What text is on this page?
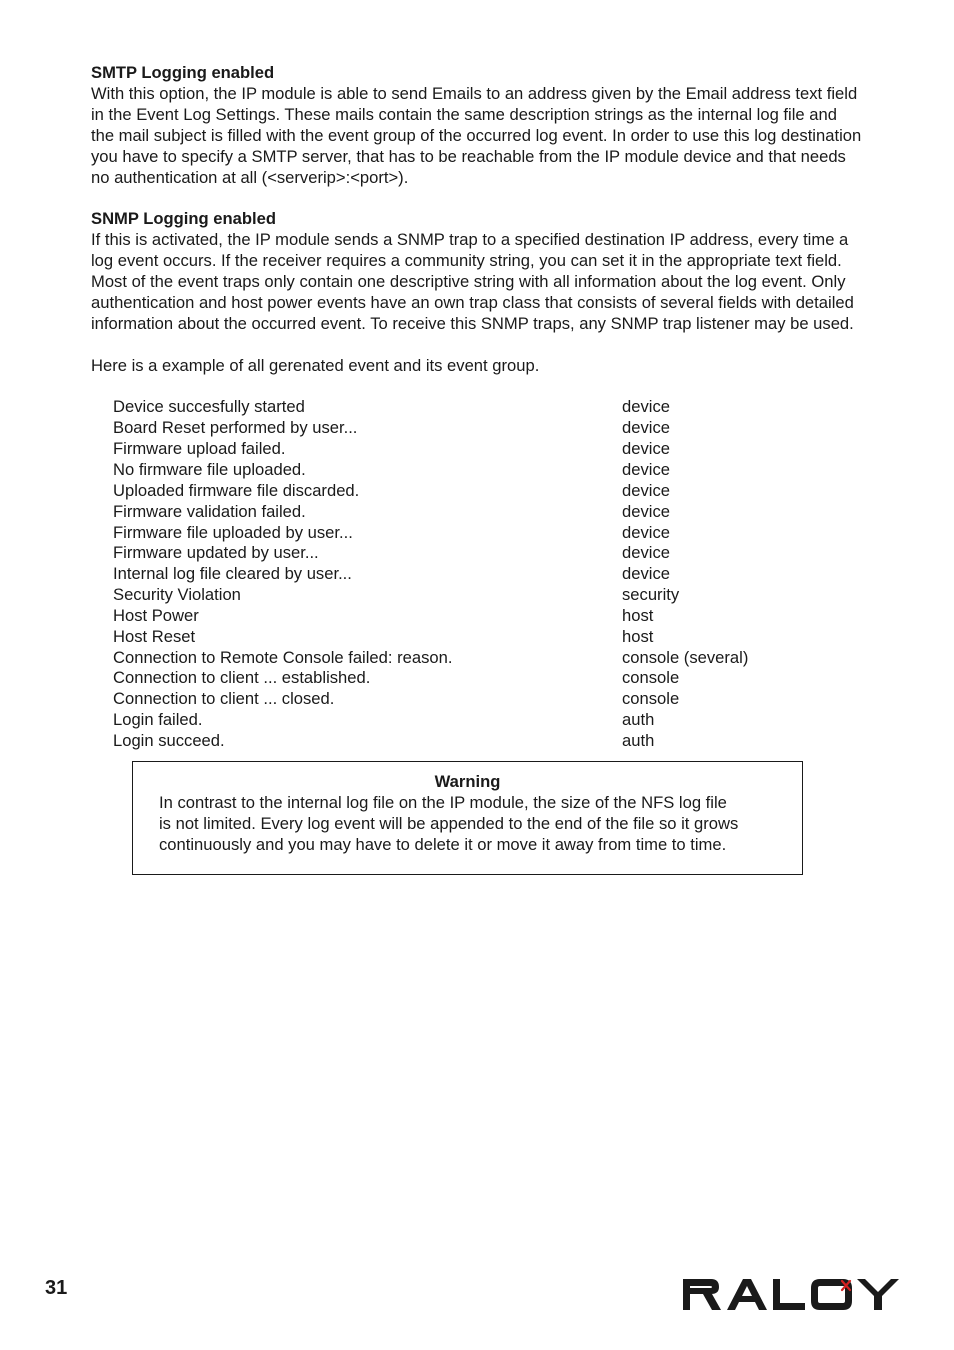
SMTP Logging enabled

With this option, the IP module is able to send Emails to an address given by the Email address text field

in the Event Log Settings. These mails contain the same description strings as the internal log file and

the mail subject is filled with the event group of the occurred log event. In order to use this log destination

you have to specify a SMTP server, that has to be reachable from the IP module device and that needs

no authentication at all (<serverip>:<port>).

SNMP Logging enabled

If this is activated, the IP module sends a SNMP trap to a specified destination IP address, every time a

log event occurs. If the receiver requires a community string, you can set it in the appropriate text field.

Most of the event traps only contain one descriptive string with all information about the log event. Only

authentication and host power events have an own trap class that consists of several fields with detailed

information about the occurred event. To receive this SNMP traps, any SNMP trap listener may be used.

Here is a example of all gerenated event and its event group.

Device succesfully started	device
Board Reset performed by user...	device
Firmware upload failed.	device
No firmware file uploaded.	device
Uploaded firmware file discarded.	device
Firmware validation failed.	device
Firmware file uploaded by user...	device
Firmware updated by user...	device
Internal log file cleared by user...	device
Security Violation	security
Host Power	host
Host Reset	host
Connection to Remote Console failed: reason.	console (several)
Connection to client ... established.	console
Connection to client ... closed.	console
Login failed.	auth
Login succeed.	auth

Warning

In contrast to the internal log file on the IP module, the size of the NFS log file

is not limited. Every log event will be appended to the end of the file so it grows

continuously and you may have to delete it or move it away from time to time.

31
